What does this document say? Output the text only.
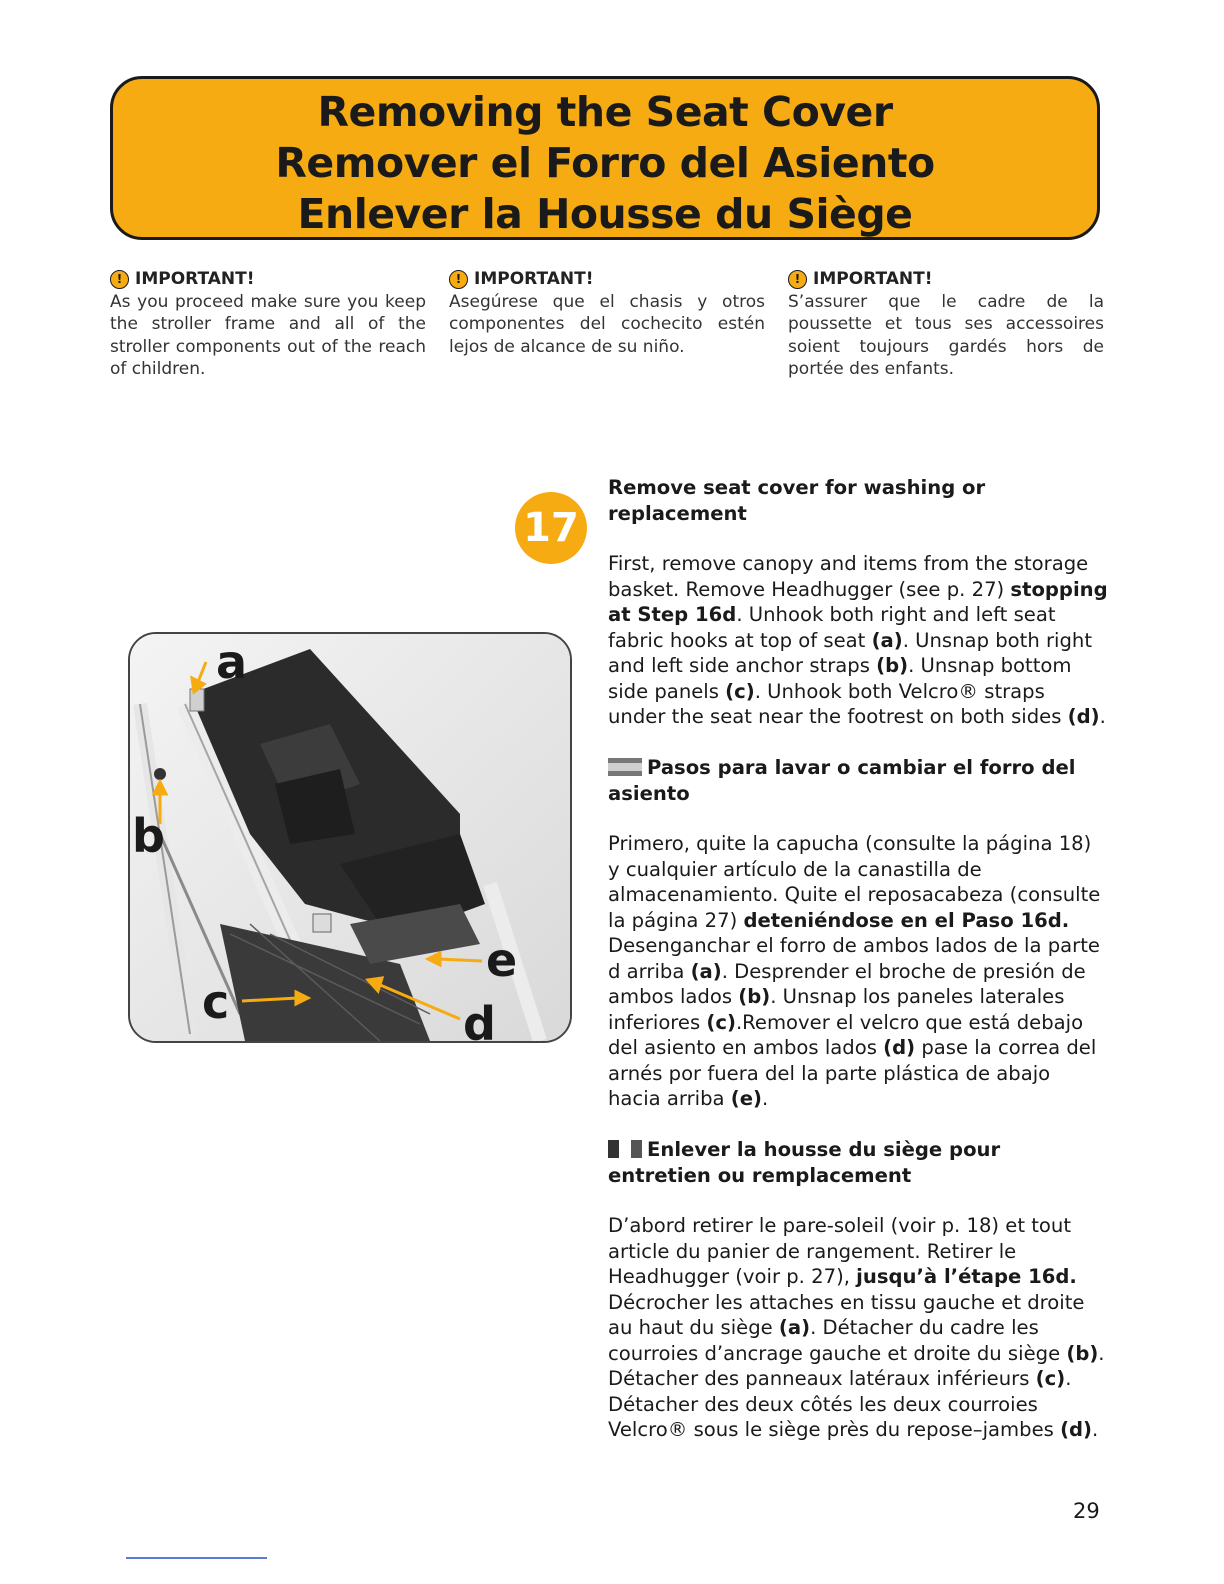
Removing the Seat Cover
Remover el Forro del Asiento
Enlever la Housse du Siège
! IMPORTANT!
As you proceed make sure you keep the stroller frame and all of the stroller components out of the reach of children.
! IMPORTANT!
Asegúrese que el chasis y otros componentes del cochecito estén lejos de alcance de su niño.
! IMPORTANT!
S’assurer que le cadre de la poussette et tous ses accessoires soient toujours gardés hors de portée des enfants.
17
a
b
c	d
e
Remove seat cover for washing or replacement

First, remove canopy and items from the storage basket. Remove Headhugger (see p. 27) stopping at Step 16d. Unhook both right and left seat fabric hooks at top of seat (a). Unsnap both right and left side anchor straps (b). Unsnap bottom side panels (c). Unhook both Velcro® straps under the seat near the footrest on both sides (d).

Pasos para lavar o cambiar el forro del asiento

Primero, quite la capucha (consulte la página 18) y cualquier artículo de la canastilla de almacenamiento. Quite el reposacabeza (consulte la página 27) deteniéndose en el Paso 16d. Desenganchar el forro de ambos lados de la parte d arriba (a). Desprender el broche de presión de ambos lados (b). Unsnap los paneles laterales inferiores (c).Remover el velcro que está debajo del asiento en ambos lados (d) pase la correa del arnés por fuera del la parte plástica de abajo hacia arriba (e).

Enlever la housse du siège pour entretien ou remplacement

D’abord retirer le pare-soleil (voir p. 18) et tout article du panier de rangement. Retirer le Headhugger (voir p. 27), jusqu’à l’étape 16d. Décrocher les attaches en tissu gauche et droite au haut du siège (a). Détacher du cadre les courroies d’ancrage gauche et droite du siège (b). Détacher des panneaux latéraux inférieurs (c). Détacher des deux côtés les deux courroies Velcro® sous le siège près du repose–jambes (d).

29
